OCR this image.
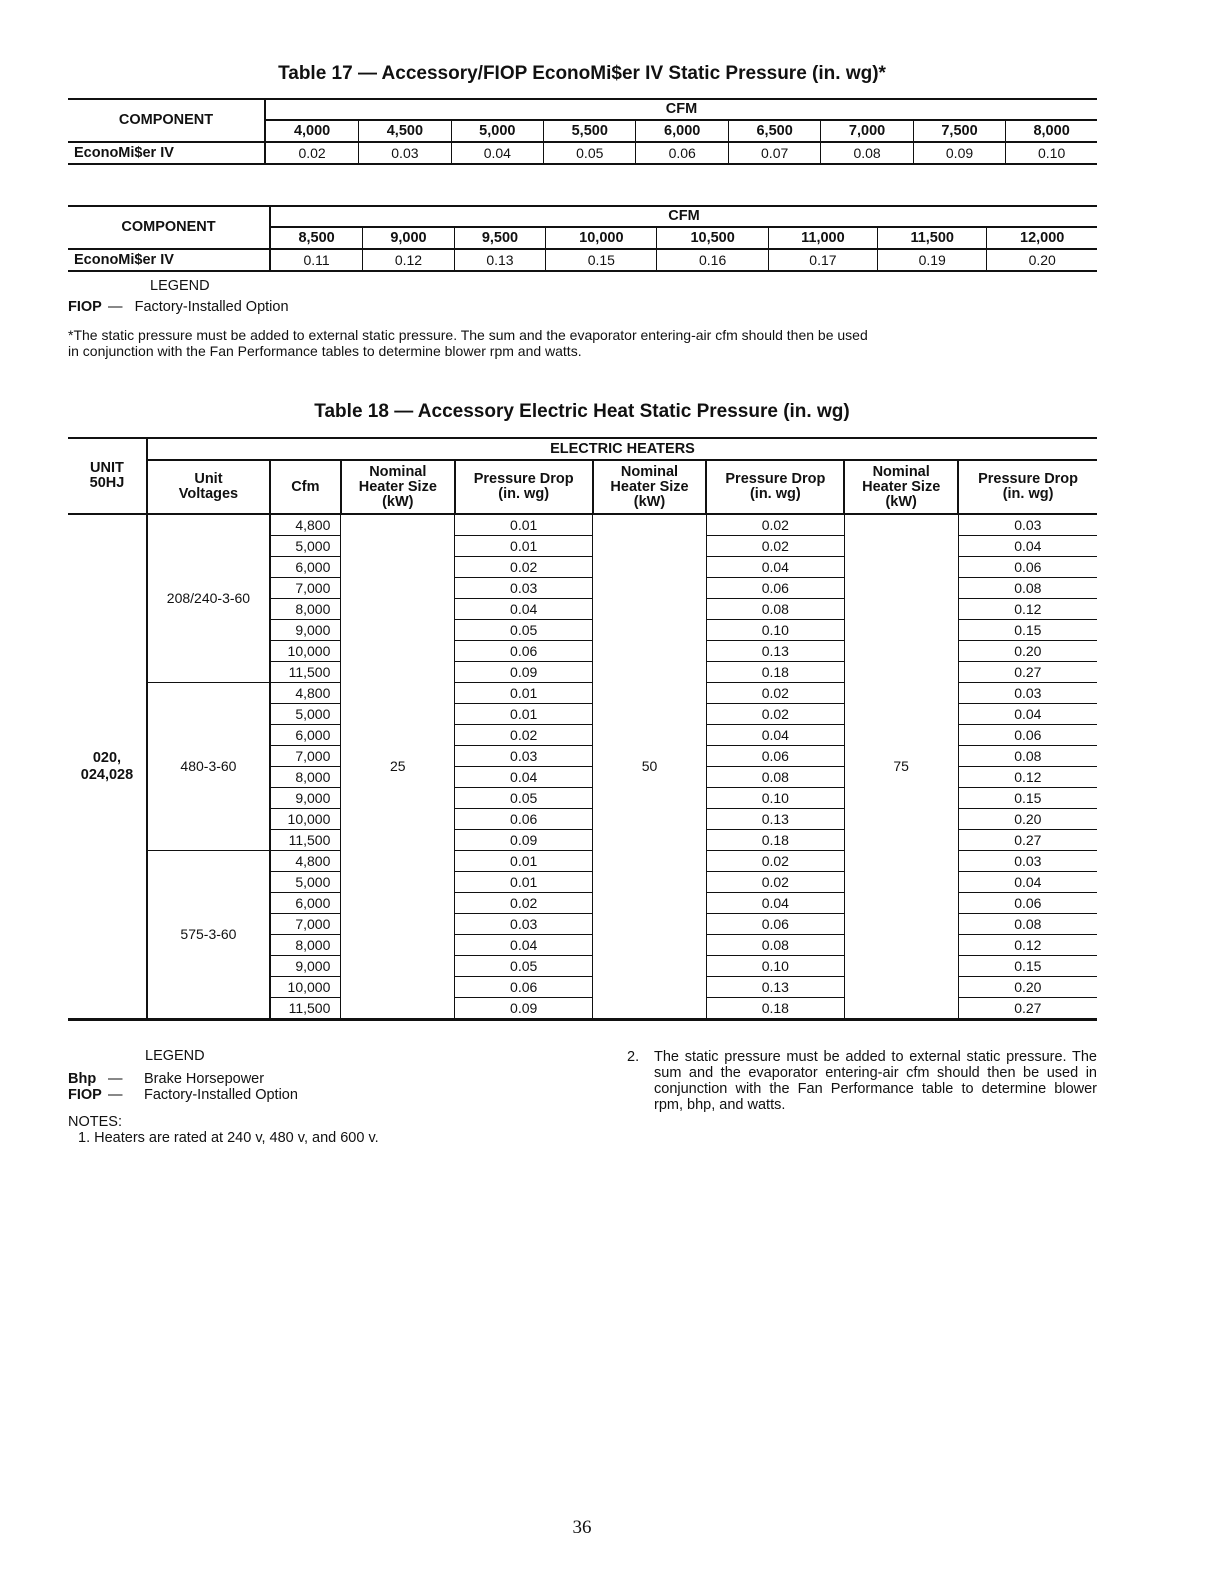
Table 17 — Accessory/FIOP EconoMi$er IV Static Pressure (in. wg)*
COMPONENT	CFM								
	4,000	4,500	5,000	5,500	6,000	6,500	7,000	7,500	8,000
EconoMi$er IV	0.02	0.03	0.04	0.05	0.06	0.07	0.08	0.09	0.10
COMPONENT	CFM							
	8,500	9,000	9,500	10,000	10,500	11,000	11,500	12,000
EconoMi$er IV	0.11	0.12	0.13	0.15	0.16	0.17	0.19	0.20
LEGEND
FIOP — Factory-Installed Option
*The static pressure must be added to external static pressure. The sum and the evaporator entering-air cfm should then be used in conjunction with the Fan Performance tables to determine blower rpm and watts.
Table 18 — Accessory Electric Heat Static Pressure (in. wg)
UNIT 50HJ	ELECTRIC HEATERS							
	Unit Voltages	Cfm	Nominal Heater Size (kW)	Pressure Drop (in. wg)	Nominal Heater Size (kW)	Pressure Drop (in. wg)	Nominal Heater Size (kW)	Pressure Drop (in. wg)
020, 024,028	208/240-3-60	4,800	25	0.01	50	0.02	75	0.03
		5,000		0.01		0.02		0.04
		6,000		0.02		0.04		0.06
		7,000		0.03		0.06		0.08
		8,000		0.04		0.08		0.12
		9,000		0.05		0.10		0.15
		10,000		0.06		0.13		0.20
		11,500		0.09		0.18		0.27
	480-3-60	4,800		0.01		0.02		0.03
		5,000		0.01		0.02		0.04
		6,000		0.02		0.04		0.06
		7,000		0.03		0.06		0.08
		8,000		0.04		0.08		0.12
		9,000		0.05		0.10		0.15
		10,000		0.06		0.13		0.20
		11,500		0.09		0.18		0.27
	575-3-60	4,800		0.01		0.02		0.03
		5,000		0.01		0.02		0.04
		6,000		0.02		0.04		0.06
		7,000		0.03		0.06		0.08
		8,000		0.04		0.08		0.12
		9,000		0.05		0.10		0.15
		10,000		0.06		0.13		0.20
		11,500		0.09		0.18		0.27
LEGEND
Bhp — Brake Horsepower
FIOP — Factory-Installed Option
NOTES:
1. Heaters are rated at 240 v, 480 v, and 600 v.
2. The static pressure must be added to external static pressure. The sum and the evaporator entering-air cfm should then be used in conjunction with the Fan Performance table to determine blower rpm, bhp, and watts.
36
